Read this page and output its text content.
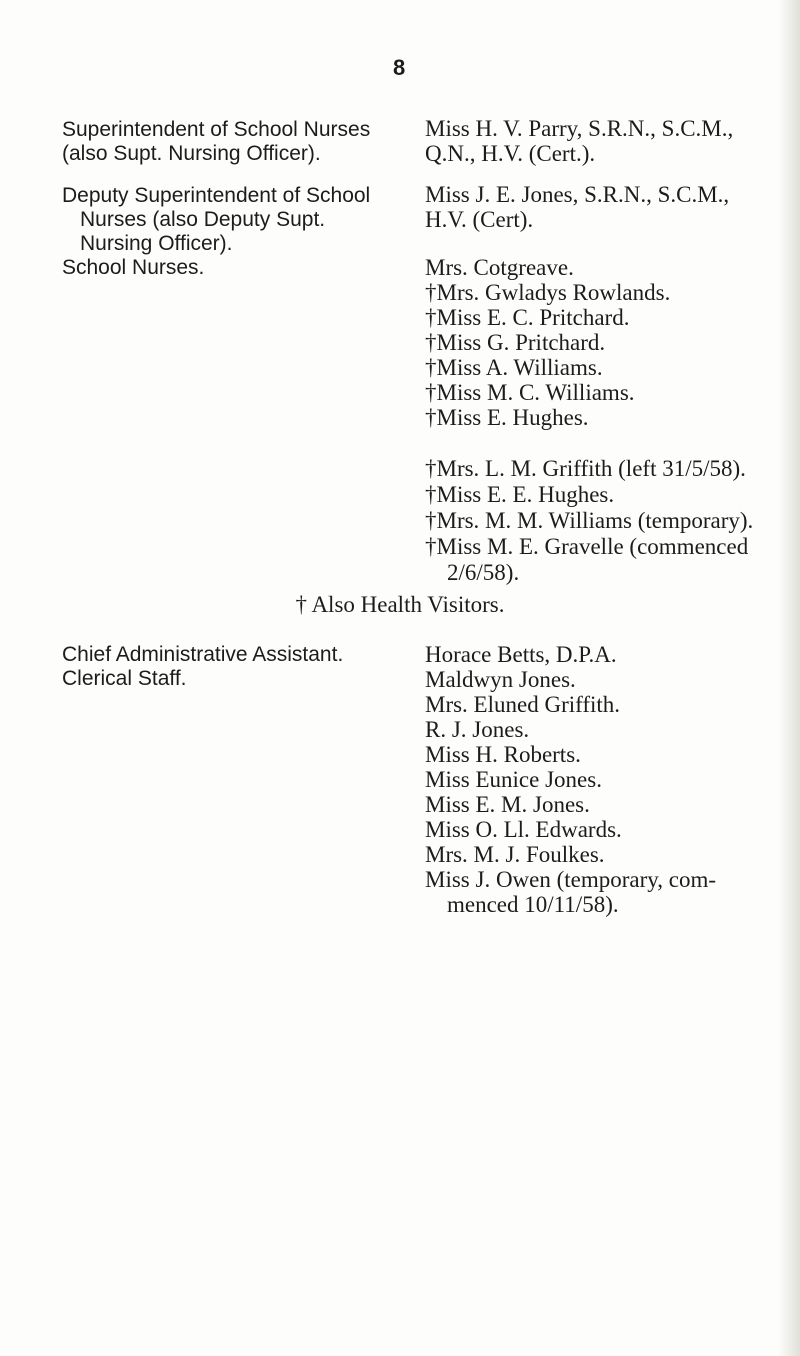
8
Superintendent of School Nurses
(also Supt. Nursing Officer).
Miss H. V. Parry, S.R.N., S.C.M.,
Q.N., H.V. (Cert.).
Deputy Superintendent of School
Nurses (also Deputy Supt.
Nursing Officer).
Miss J. E. Jones, S.R.N., S.C.M.,
H.V. (Cert).
School Nurses.	Mrs. Cotgreave.
†Mrs. Gwladys Rowlands.
†Miss E. C. Pritchard.
†Miss G. Pritchard.
†Miss A. Williams.
†Miss M. C. Williams.
†Miss E. Hughes.
†Mrs. L. M. Griffith (left 31/5/58).
†Miss E. E. Hughes.
†Mrs. M. M. Williams (temporary).
†Miss M. E. Gravelle (commenced
2/6/58).
† Also Health Visitors.
Chief Administrative Assistant.
Clerical Staff.
Horace Betts, D.P.A.
Maldwyn Jones.
Mrs. Eluned Griffith.
R. J. Jones.
Miss H. Roberts.
Miss Eunice Jones.
Miss E. M. Jones.
Miss O. Ll. Edwards.
Mrs. M. J. Foulkes.
Miss J. Owen (temporary, com-
menced 10/11/58).
